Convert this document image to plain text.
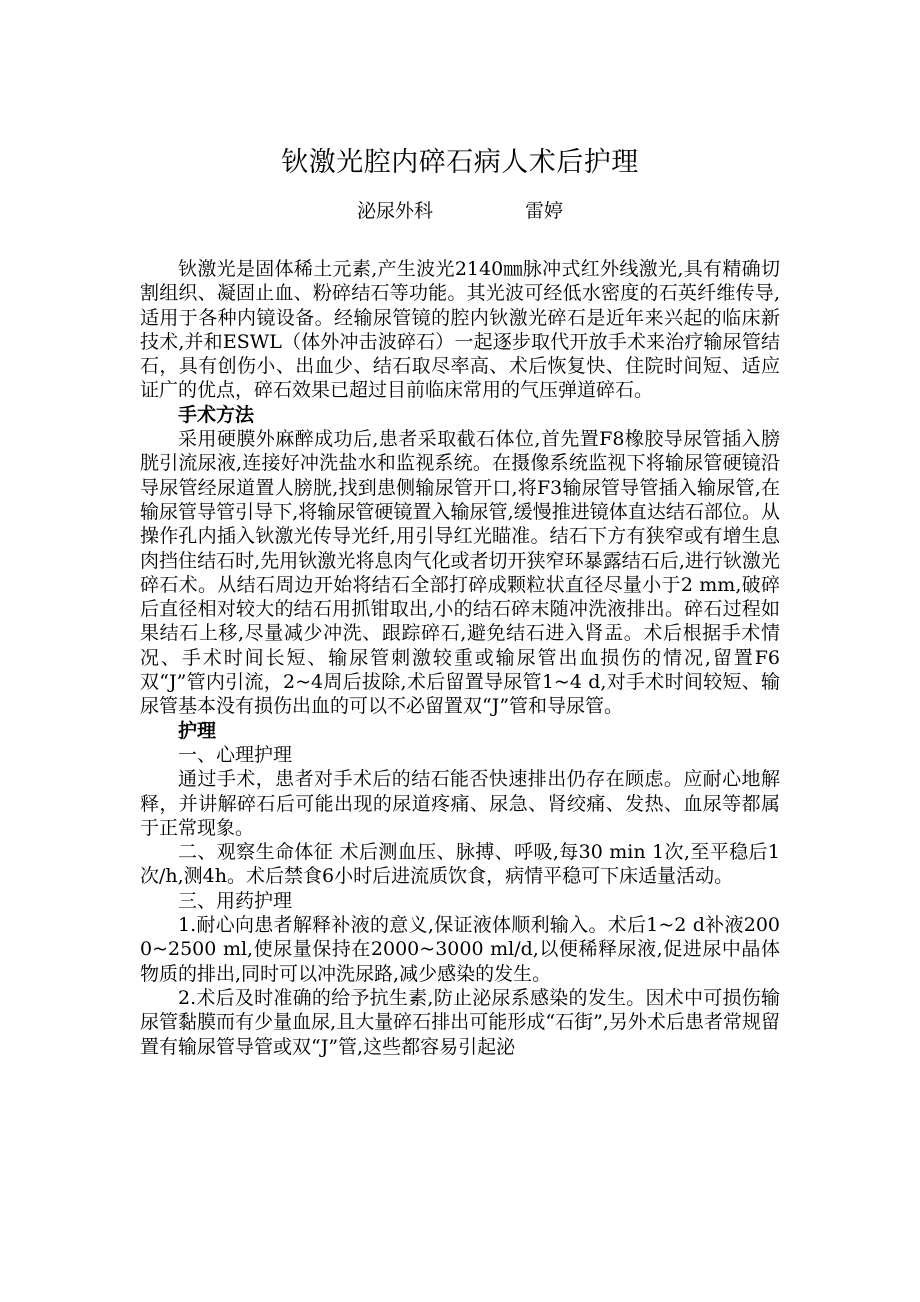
钬激光腔内碎石病人术后护理
泌尿外科	雷婷

钬激光是固体稀土元素,产生波光2140㎜脉冲式红外线激光,具有精确切割组织、凝固止血、粉碎结石等功能。其光波可经低水密度的石英纤维传导,适用于各种内镜设备。经输尿管镜的腔内钬激光碎石是近年来兴起的临床新技术,并和ESWL（体外冲击波碎石）一起逐步取代开放手术来治疗输尿管结石，具有创伤小、出血少、结石取尽率高、术后恢复快、住院时间短、适应证广的优点，碎石效果已超过目前临床常用的气压弹道碎石。

手术方法

采用硬膜外麻醉成功后,患者采取截石体位,首先置F8橡胶导尿管插入膀胱引流尿液,连接好冲洗盐水和监视系统。在摄像系统监视下将输尿管硬镜沿导尿管经尿道置人膀胱,找到患侧输尿管开口,将F3输尿管导管插入输尿管,在输尿管导管引导下,将输尿管硬镜置入输尿管,缓慢推进镜体直达结石部位。从操作孔内插入钬激光传导光纤,用引导红光瞄准。结石下方有狭窄或有增生息肉挡住结石时,先用钬激光将息肉气化或者切开狭窄环暴露结石后,进行钬激光碎石术。从结石周边开始将结石全部打碎成颗粒状直径尽量小于2 mm,破碎后直径相对较大的结石用抓钳取出,小的结石碎末随冲洗液排出。碎石过程如果结石上移,尽量减少冲洗、跟踪碎石,避免结石进入肾盂。术后根据手术情况、手术时间长短、输尿管刺激较重或输尿管出血损伤的情况,留置F6双“J”管内引流，2~4周后拔除,术后留置导尿管1~4 d,对手术时间较短、输尿管基本没有损伤出血的可以不必留置双“J”管和导尿管。

护理

一、心理护理

通过手术，患者对手术后的结石能否快速排出仍存在顾虑。应耐心地解释，并讲解碎石后可能出现的尿道疼痛、尿急、肾绞痛、发热、血尿等都属于正常现象。

二、观察生命体征 术后测血压、脉搏、呼吸,每30 min 1次,至平稳后1次/h,测4h。术后禁食6小时后进流质饮食，病情平稳可下床适量活动。

三、用药护理

1.耐心向患者解释补液的意义,保证液体顺利输入。术后1~2 d补液2000~2500 ml,使尿量保持在2000~3000 ml/d,以便稀释尿液,促进尿中晶体物质的排出,同时可以冲洗尿路,减少感染的发生。

2.术后及时准确的给予抗生素,防止泌尿系感染的发生。因术中可损伤输尿管黏膜而有少量血尿,且大量碎石排出可能形成“石街”,另外术后患者常规留置有输尿管导管或双“J”管,这些都容易引起泌
